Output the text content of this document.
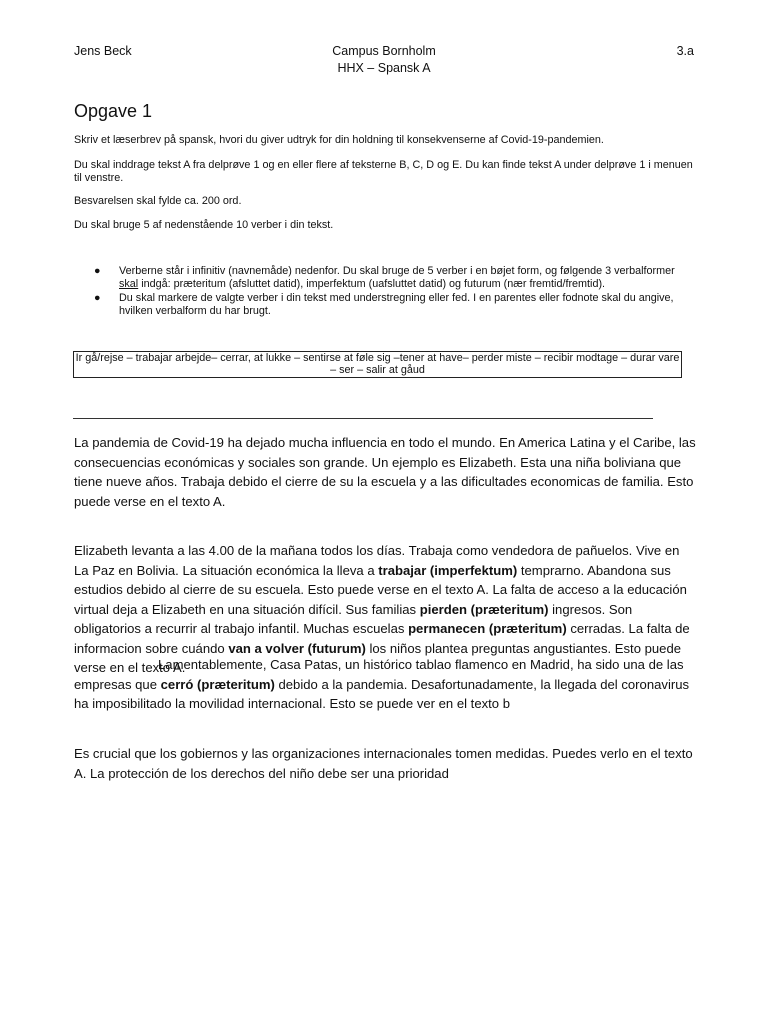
Jens Beck	Campus Bornholm
HHX – Spansk A
3.a
Opgave 1

Skriv et læserbrev på spansk, hvori du giver udtryk for din holdning til konsekvenserne af Covid-19-pandemien.

Du skal inddrage tekst A fra delprøve 1 og en eller flere af teksterne B, C, D og E. Du kan finde tekst A under delprøve 1 i menuen til venstre.

Besvarelsen skal fylde ca. 200 ord.

Du skal bruge 5 af nedenstående 10 verber i din tekst.

● Verberne står i infinitiv (navnemåde) nedenfor. Du skal bruge de 5 verber i en bøjet form, og følgende 3 verbalformer skal indgå: præteritum (afsluttet datid), imperfektum (uafsluttet datid) og futurum (nær fremtid/fremtid).
● Du skal markere de valgte verber i din tekst med understregning eller fed. I en parentes eller fodnote skal du angive, hvilken verbalform du har brugt.
Ir gå/rejse – trabajar arbejde– cerrar, at lukke – sentirse at føle sig –tener at have– perder miste – recibir modtage – durar vare – ser – salir at gåud

La pandemia de Covid-19 ha dejado mucha influencia en todo el mundo. En America Latina y el Caribe, las consecuencias económicas y sociales son grande. Un ejemplo es Elizabeth. Esta una niña boliviana que tiene nueve años. Trabaja debido el cierre de su la escuela y a las dificultades economicas de familia. Esto puede verse en el texto A.

Elizabeth levanta a las 4.00 de la mañana todos los días. Trabaja como vendedora de pañuelos. Vive en La Paz en Bolivia. La situación económica la lleva a trabajar (imperfektum) temprarno. Abandona sus estudios debido al cierre de su escuela. Esto puede verse en el texto A. La falta de acceso a la educación virtual deja a Elizabeth en una situación difícil. Sus familias pierden (præteritum) ingresos. Son obligatorios a recurrir al trabajo infantil. Muchas escuelas permanecen (præteritum) cerradas. La falta de informacion sobre cuándo van a volver (futurum) los niños plantea preguntas angustiantes. Esto puede verse en el texto A.

Lamentablemente, Casa Patas, un histórico tablao flamenco en Madrid, ha sido una de las empresas que cerró (præteritum) debido a la pandemia. Desafortunadamente, la llegada del coronavirus ha imposibilitado la movilidad internacional. Esto se puede ver en el texto b

Es crucial que los gobiernos y las organizaciones internacionales tomen medidas. Puedes verlo en el texto A. La protección de los derechos del niño debe ser una prioridad
